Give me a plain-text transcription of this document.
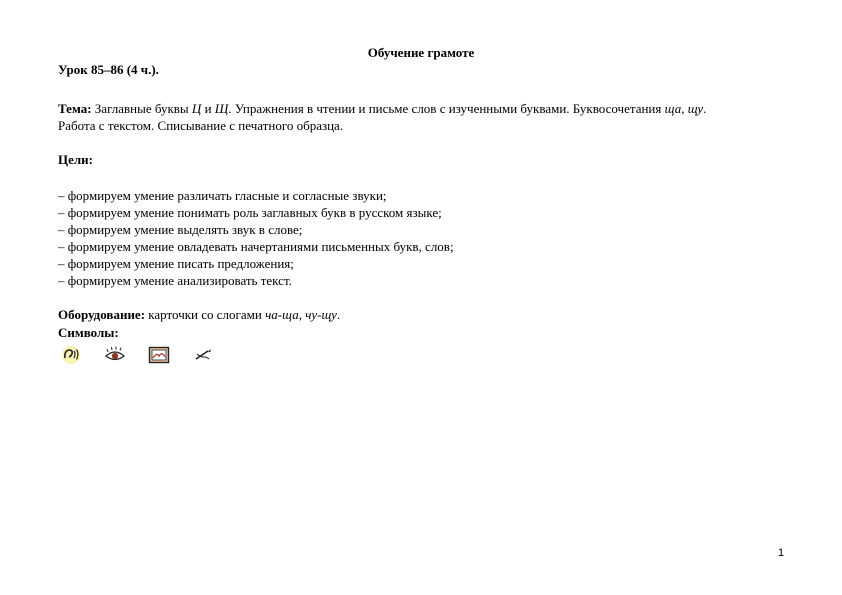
Обучение грамоте
Урок 85–86 (4 ч.).
Тема: Заглавные буквы Ц и Щ. Упражнения в чтении и письме слов с изученными буквами. Буквосочетания ща, щу.
Работа с текстом. Списывание с печатного образца.
Цели:
– формируем умение различать гласные и согласные звуки;
– формируем умение понимать роль заглавных букв в русском языке;
– формируем умение выделять звук в слове;
– формируем умение овладевать начертаниями письменных букв, слов;
– формируем умение писать предложения;
– формируем умение анализировать текст.
Оборудование: карточки со слогами ча-ща, чу-щу.
Символы:
1
